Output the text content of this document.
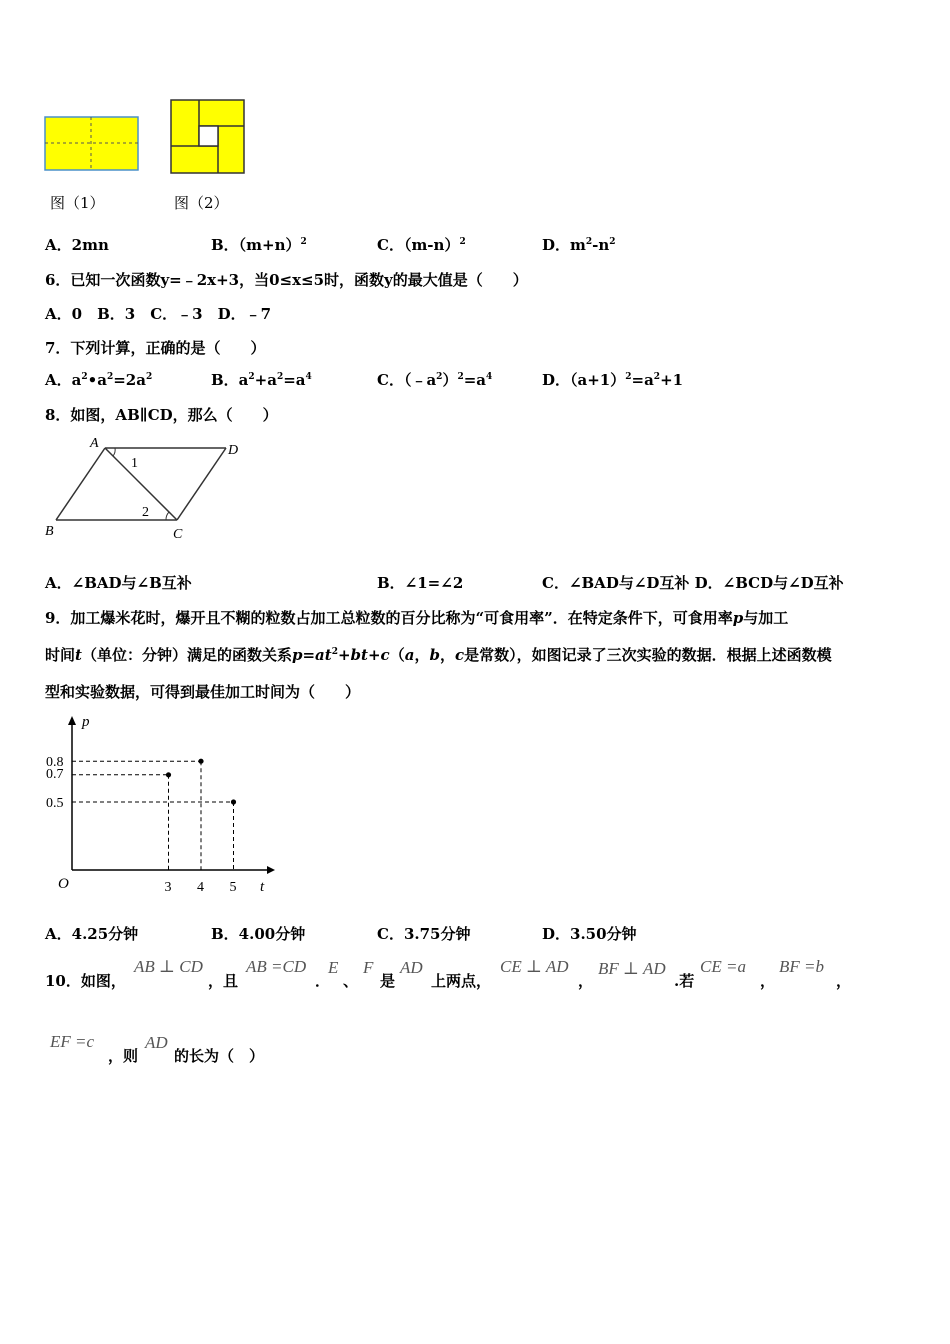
图（1）	图（2）
A．2mn	B．$(m+n)^2$	C．$(m-n)^2$	D．$m^2-n^2$
6．已知一次函数y=﹣2x+3，当0≤x≤5时，函数y的最大值是（　　）
A．0　B．3　C．﹣3　D．﹣7
7．下列计算，正确的是（　　）
A．$a^2•a^2=2a^2$	B．$a^2+a^2=a^4$	C．$(﹣a^2)^2=a^4$	D．$(a+1)^2=a^2+1$
8．如图，AB∥CD，那么（　　）
A	D
B	C
1
2
A．∠BAD与∠B互补	B．∠1=∠2	C．∠BAD与∠D互补 D．∠BCD与∠D互补
9．加工爆米花时，爆开且不糊的粒数占加工总粒数的百分比称为“可食用率”．在特定条件下，可食用率p与加工
时间t（单位：分钟）满足的函数关系$p=at^2+bt+c(a$，b，c是常数），如图记录了三次实验的数据．根据上述函数模
型和实验数据，可得到最佳加工时间为（　　）
O	t
p
3 4 5
0.8
0.7
0.5
A．4.25分钟	B．4.00分钟	C．3.75分钟	D．3.50分钟
10．如图，
AB ⊥ CD
，且
AB =CD
．
E
、
F
是
AD
上两点，
CE ⊥ AD
，
BF ⊥ AD
.若
CE =a
，
BF =b
，
EF =c
，则
AD
的长为（　）
